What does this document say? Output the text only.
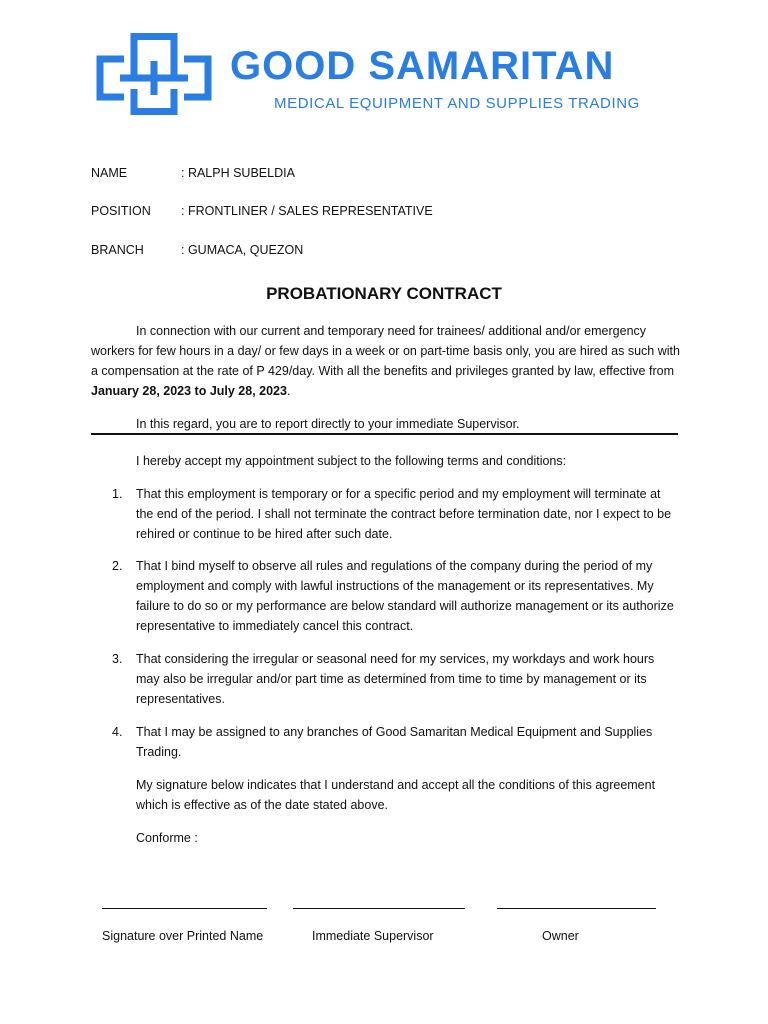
GOOD SAMARITAN
MEDICAL EQUIPMENT AND SUPPLIES TRADING
NAME	: RALPH SUBELDIA
POSITION : FRONTLINER / SALES REPRESENTATIVE
BRANCH	: GUMACA, QUEZON
PROBATIONARY CONTRACT
In connection with our current and temporary need for trainees/ additional and/or emergency workers for few hours in a day/ or few days in a week or on part-time basis only, you are hired as such with a compensation at the rate of P 429/day. With all the benefits and privileges granted by law, effective from January 28, 2023 to July 28, 2023.
In this regard, you are to report directly to your immediate Supervisor.
I hereby accept my appointment subject to the following terms and conditions:
1. That this employment is temporary or for a specific period and my employment will terminate at the end of the period. I shall not terminate the contract before termination date, nor I expect to be rehired or continue to be hired after such date.
2. That I bind myself to observe all rules and regulations of the company during the period of my employment and comply with lawful instructions of the management or its representatives. My failure to do so or my performance are below standard will authorize management or its authorize representative to immediately cancel this contract.
3. That considering the irregular or seasonal need for my services, my workdays and work hours may also be irregular and/or part time as determined from time to time by management or its representatives.
4. That I may be assigned to any branches of Good Samaritan Medical Equipment and Supplies Trading.
My signature below indicates that I understand and accept all the conditions of this agreement which is effective as of the date stated above.
Conforme :
Signature over Printed Name	Immediate Supervisor	Owner
